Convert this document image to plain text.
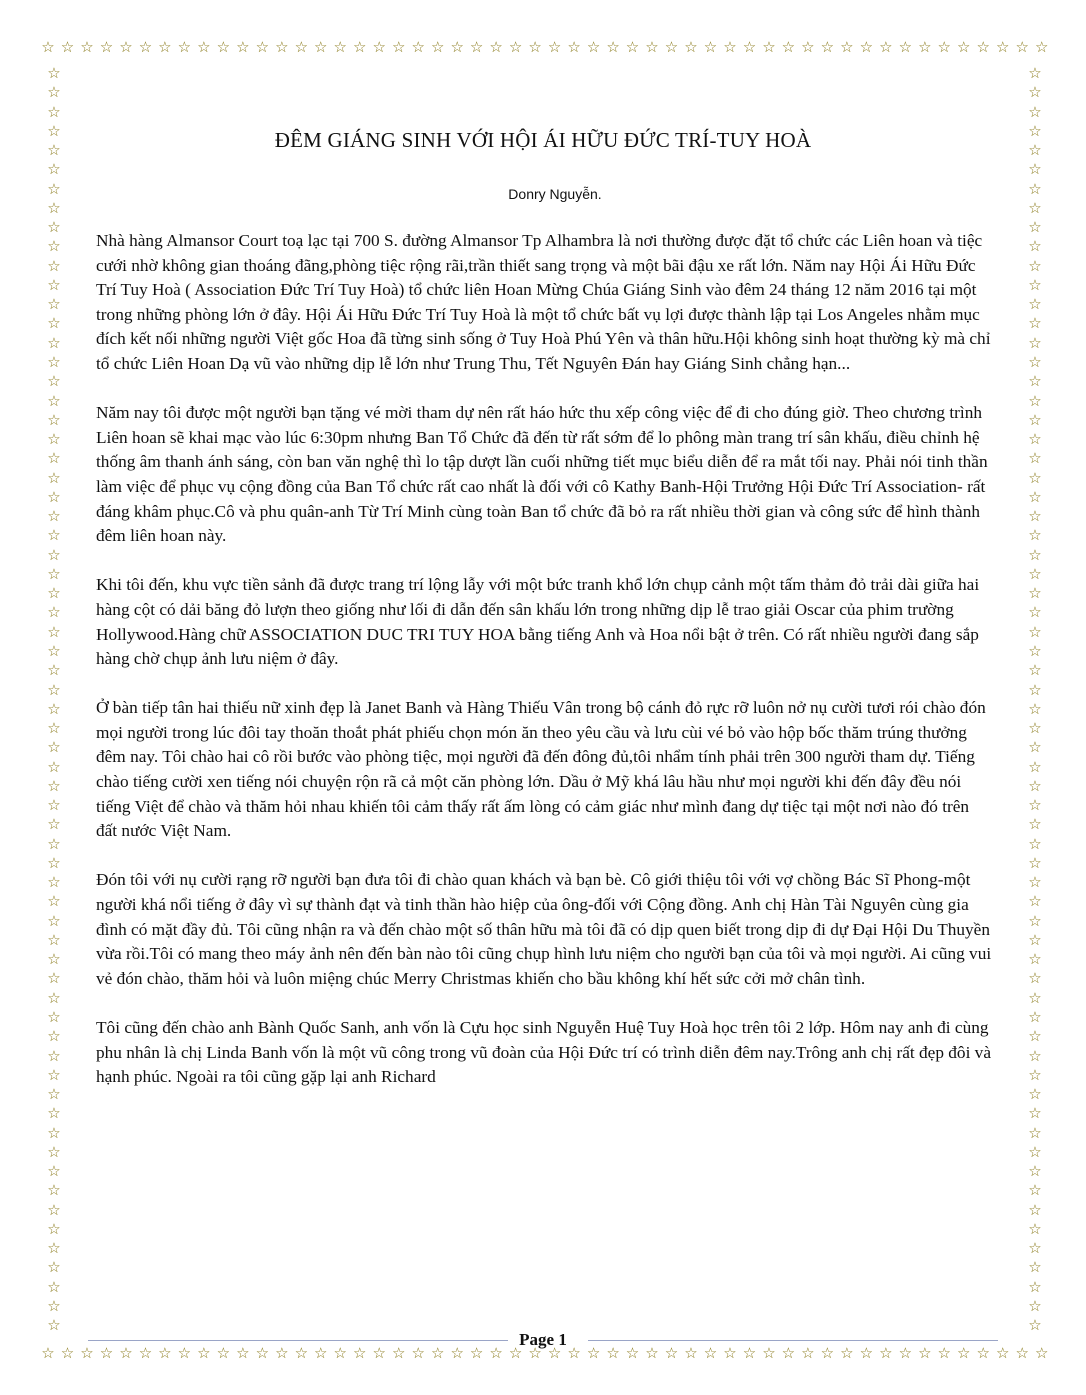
☆ ☆ ☆ ☆ ☆ ☆ ☆ ☆ ☆ ☆ ☆ ☆ ☆ ☆ ☆ ☆ ☆ ☆ ☆ ☆ ☆ ☆ ☆ ☆ ☆ ☆ ☆ ☆ ☆ ☆ ☆ ☆ ☆ ☆ ☆ ☆ ☆ ☆ ☆ ☆ ☆ ☆ ☆ ☆ ☆ ☆ ☆ ☆ ☆ ☆ ☆ ☆
☆ ☆ ☆ ☆ ☆ ☆ ☆ ☆ ☆ ☆ ☆ ☆ ☆ ☆ ☆ ☆ ☆ ☆ ☆ ☆ ☆ ☆ ☆ ☆ ☆ ☆ ☆ ☆ ☆ ☆ ☆ ☆ ☆ ☆ ☆ ☆ ☆ ☆ ☆ ☆ ☆ ☆ ☆ ☆ ☆ ☆ ☆ ☆ ☆ ☆ ☆ ☆
☆
☆
☆
☆
☆
☆
☆
☆
☆
☆
☆
☆
☆
☆
☆
☆
☆
☆
☆
☆
☆
☆
☆
☆
☆
☆
☆
☆
☆
☆
☆
☆
☆
☆
☆
☆
☆
☆
☆
☆
☆
☆
☆
☆
☆
☆
☆
☆
☆
☆
☆
☆
☆
☆
☆
☆
☆
☆
☆
☆
☆
☆
☆
☆
☆
☆
☆
☆
☆
☆
☆
☆
☆
☆
☆
☆
☆
☆
☆
☆
☆
☆
☆
☆
☆
☆
☆
☆
☆
☆
☆
☆
☆
☆
☆
☆
☆
☆
☆
☆
☆
☆
☆
☆
☆
☆
☆
☆
☆
☆
☆
☆
☆
☆
☆
☆
☆
☆
☆
☆
☆
☆
☆
☆
☆
☆
☆
☆
☆
☆
☆
☆
ĐÊM GIÁNG SINH VỚI HỘI ÁI HỮU ĐỨC TRÍ-TUY HOÀ
Donry Nguyễn.

Nhà hàng Almansor Court toạ lạc tại 700 S. đường Almansor Tp Alhambra là nơi thường được đặt tổ chức các Liên hoan và tiệc cưới nhờ không gian thoáng đãng,phòng tiệc rộng rãi,trần thiết sang trọng và một bãi đậu xe rất lớn. Năm nay Hội Ái Hữu Đức Trí Tuy Hoà ( Association Đức Trí Tuy Hoà) tổ chức liên Hoan Mừng Chúa Giáng Sinh vào đêm 24 tháng 12 năm 2016 tại một trong những phòng lớn ở đây. Hội Ái Hữu Đức Trí Tuy Hoà là một tổ chức bất vụ lợi được thành lập tại Los Angeles nhằm mục đích kết nối những người Việt gốc Hoa đã từng sinh sống ở Tuy Hoà Phú Yên và thân hữu.Hội không sinh hoạt thường kỳ mà chỉ tổ chức Liên Hoan Dạ vũ vào những dịp lễ lớn như Trung Thu, Tết Nguyên Đán hay Giáng Sinh chẳng hạn...

Năm nay tôi được một người bạn tặng vé mời tham dự nên rất háo hức thu xếp công việc để đi cho đúng giờ. Theo chương trình Liên hoan sẽ khai mạc vào lúc 6:30pm nhưng Ban Tổ Chức đã đến từ rất sớm để lo phông màn trang trí sân khấu, điều chỉnh hệ thống âm thanh ánh sáng, còn ban văn nghệ thì lo tập dượt lần cuối những tiết mục biểu diễn để ra mắt tối nay. Phải nói tinh thần làm việc để phục vụ cộng đồng của Ban Tổ chức rất cao nhất là đối với cô Kathy Banh-Hội Trưởng Hội Đức Trí Association- rất đáng khâm phục.Cô và phu quân-anh Từ Trí Minh cùng toàn Ban tổ chức đã bỏ ra rất nhiều thời gian và công sức để hình thành đêm liên hoan này.

Khi tôi đến, khu vực tiền sảnh đã được trang trí lộng lẫy với một bức tranh khổ lớn chụp cảnh một tấm thảm đỏ trải dài giữa hai hàng cột có dải băng đỏ lượn theo giống như lối đi dẫn đến sân khấu lớn trong những dịp lễ trao giải Oscar của phim trường Hollywood.Hàng chữ ASSOCIATION DUC TRI TUY HOA bằng tiếng Anh và Hoa nổi bật ở trên. Có rất nhiều người đang sắp hàng chờ chụp ảnh lưu niệm ở đây.

Ở bàn tiếp tân hai thiếu nữ xinh đẹp là Janet Banh và Hàng Thiếu Vân trong bộ cánh đỏ rực rỡ luôn nở nụ cười tươi rói chào đón mọi người trong lúc đôi tay thoăn thoắt phát phiếu chọn món ăn theo yêu cầu và lưu cùi vé bỏ vào hộp bốc thăm trúng thưởng đêm nay. Tôi chào hai cô rồi bước vào phòng tiệc, mọi người đã đến đông đủ,tôi nhẩm tính phải trên 300 người tham dự. Tiếng chào tiếng cười xen tiếng nói chuyện rộn rã cả một căn phòng lớn. Dầu ở Mỹ khá lâu hầu như mọi người khi đến đây đều nói tiếng Việt để chào và thăm hỏi nhau khiến tôi cảm thấy rất ấm lòng có cảm giác như mình đang dự tiệc tại một nơi nào đó trên đất nước Việt Nam.

Đón tôi với nụ cười rạng rỡ người bạn đưa tôi đi chào quan khách và bạn bè. Cô giới thiệu tôi với vợ chồng Bác Sĩ Phong-một người khá nổi tiếng ở đây vì sự thành đạt và tinh thần hào hiệp của ông-đối với Cộng đồng. Anh chị Hàn Tài Nguyên cùng gia đình có mặt đầy đủ. Tôi cũng nhận ra và đến chào một số thân hữu mà tôi đã có dịp quen biết trong dịp đi dự Đại Hội Du Thuyền vừa rồi.Tôi có mang theo máy ảnh nên đến bàn nào tôi cũng chụp hình lưu niệm cho người bạn của tôi và mọi người. Ai cũng vui vẻ đón chào, thăm hỏi và luôn miệng chúc Merry Christmas khiến cho bầu không khí hết sức cởi mở chân tình.

Tôi cũng đến chào anh Bành Quốc Sanh, anh vốn là Cựu học sinh Nguyễn Huệ Tuy Hoà học trên tôi 2 lớp. Hôm nay anh đi cùng phu nhân là chị Linda Banh vốn là một vũ công trong vũ đoàn của Hội Đức trí có trình diễn đêm nay.Trông anh chị rất đẹp đôi và hạnh phúc. Ngoài ra tôi cũng gặp lại anh Richard

Page 1
